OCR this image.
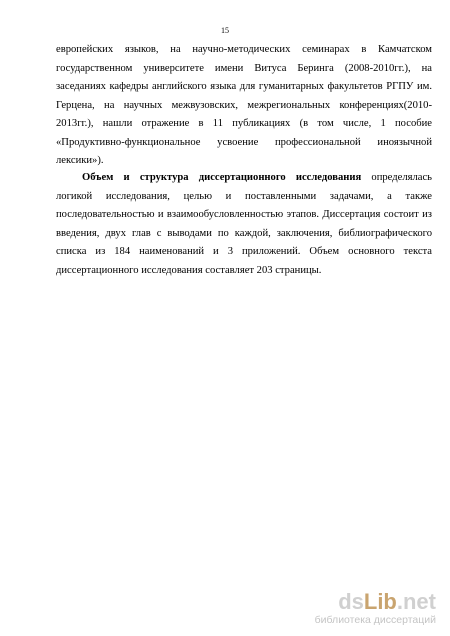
15
европейских языков, на научно-методических семинарах в Камчатском
государственном университете имени Витуса Беринга (2008-2010гг.), на
заседаниях кафедры английского языка для гуманитарных факультетов РГПУ им.
Герцена, на научных межвузовских, межрегиональных конференциях(2010-
2013гг.), нашли отражение в 11 публикациях (в том числе, 1 пособие
«Продуктивно-функциональное усвоение профессиональной иноязычной
лексики»).
Объем и структура диссертационного исследования определялась
логикой исследования, целью и поставленными задачами, а также
последовательностью и взаимообусловленностью этапов. Диссертация состоит из
введения, двух глав с выводами по каждой, заключения, библиографического
списка из 184 наименований и 3 приложений. Объем основного текста
диссертационного исследования составляет 203 страницы.
dsLib.net
библиотека диссертаций
